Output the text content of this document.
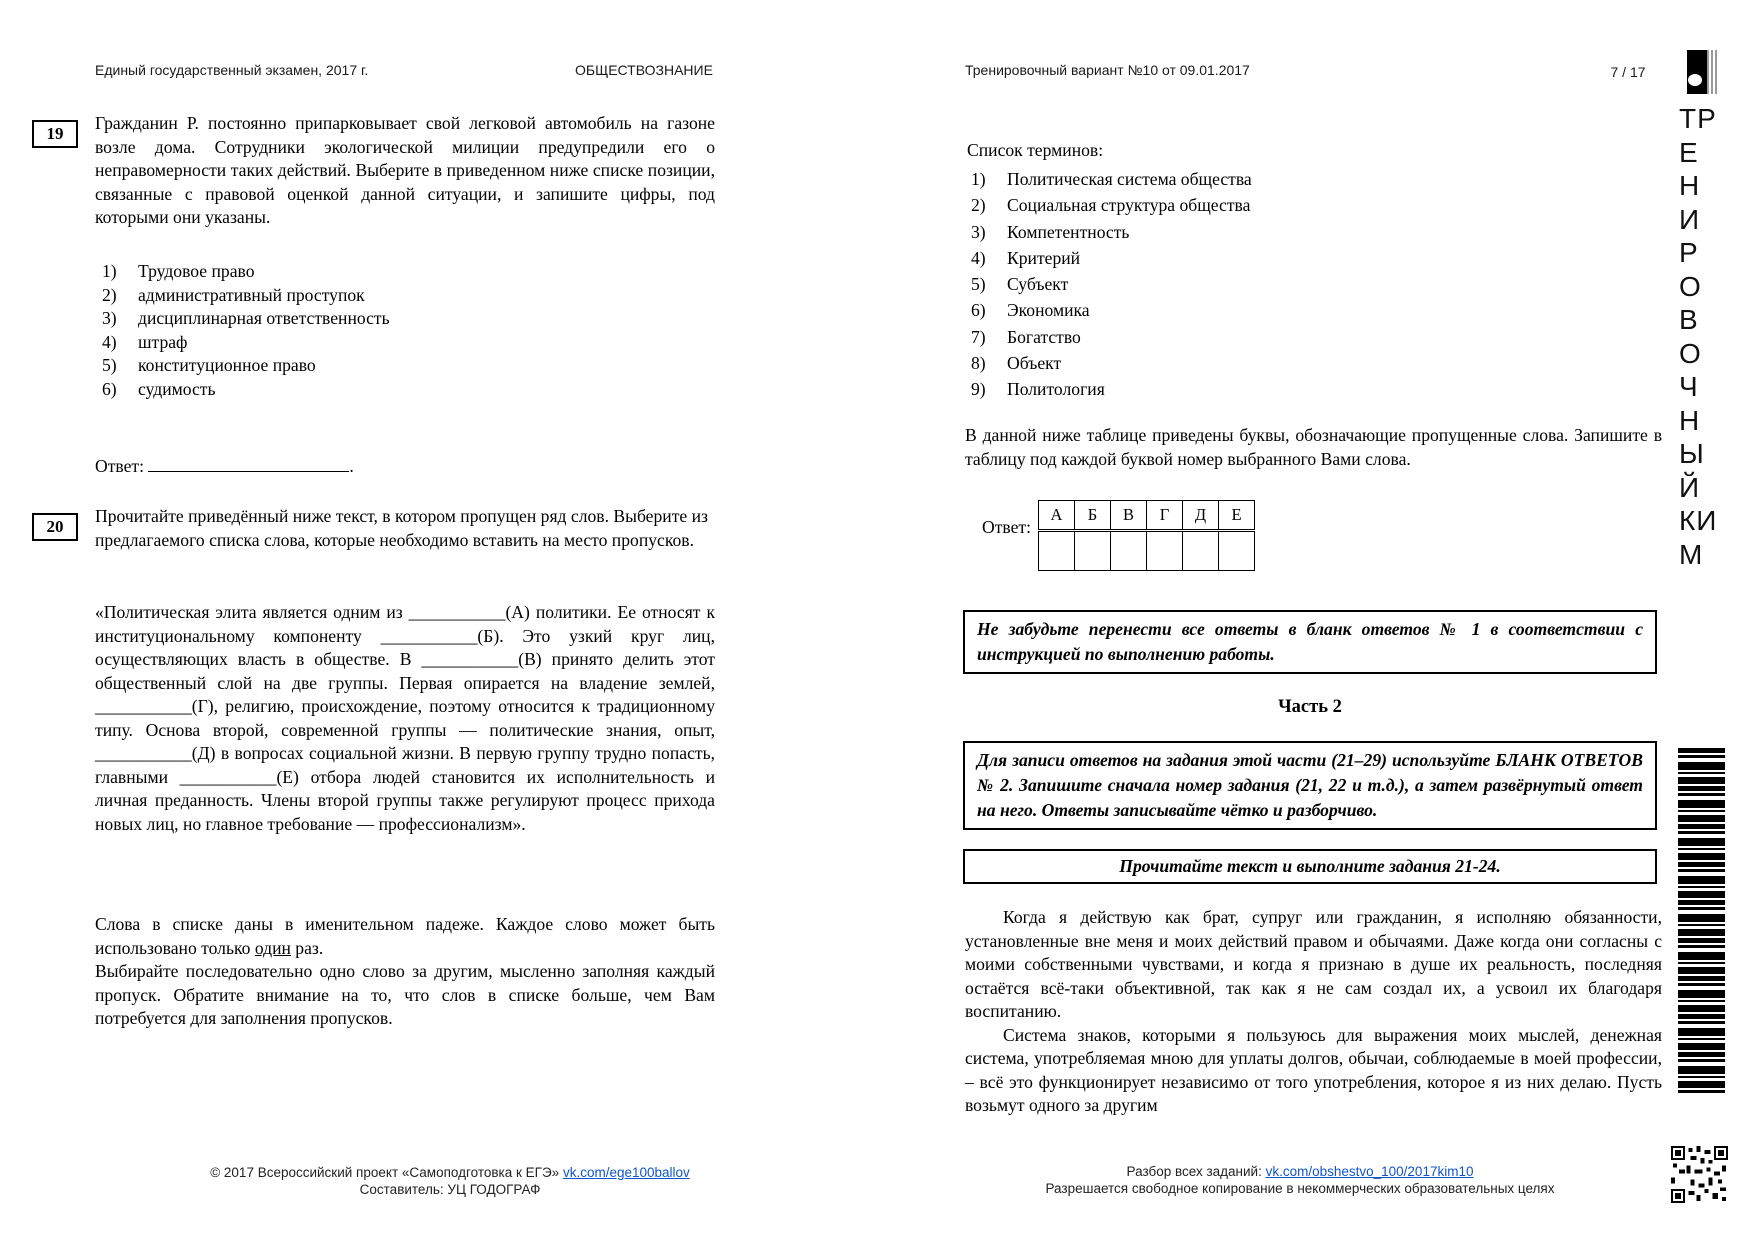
Единый государственный экзамен, 2017 г.	ОБЩЕСТВОЗНАНИЕ	Тренировочный вариант №10 от 09.01.2017	7 / 17
ТР
Е
Н
И
Р
О
В
О
Ч
Н
Ы
Й
КИ
М
19
Гражданин Р. постоянно припарковывает свой легковой автомобиль на газоне возле дома. Сотрудники экологической милиции предупредили его о неправомерности таких действий. Выберите в приведенном ниже списке позиции, связанные с правовой оценкой данной ситуации, и запишите цифры, под которыми они указаны.
1)	Трудовое право
2)	административный проступок
3)	дисциплинарная ответственность
4)	штраф
5)	конституционное право
6)	судимость
Ответ:	.
20
Прочитайте приведённый ниже текст, в котором пропущен ряд слов. Выберите из предлагаемого списка слова, которые необходимо вставить на место пропусков.
«Политическая элита является одним из ___________(А) политики. Ее относят к институциональному компоненту ___________(Б). Это узкий круг лиц, осуществляющих власть в обществе. В ___________(В) принято делить этот общественный слой на две группы. Первая опирается на владение землей, ___________(Г), религию, происхождение, поэтому относится к традиционному типу. Основа второй, современной группы — политические знания, опыт, ___________(Д) в вопросах социальной жизни. В первую группу трудно попасть, главными ___________(Е) отбора людей становится их исполнительность и личная преданность. Члены второй группы также регулируют процесс прихода новых лиц, но главное требование — профессионализм».
Слова в списке даны в именительном падеже. Каждое слово может быть использовано только один раз.
Выбирайте последовательно одно слово за другим, мысленно заполняя каждый пропуск. Обратите внимание на то, что слов в списке больше, чем Вам потребуется для заполнения пропусков.
Список терминов:
1)	Политическая система общества
2)	Социальная структура общества
3)	Компетентность
4)	Критерий
5)	Субъект
6)	Экономика
7)	Богатство
8)	Объект
9)	Политология
В данной ниже таблице приведены буквы, обозначающие пропущенные слова. Запишите в таблицу под каждой буквой номер выбранного Вами слова.
Ответ:
А	Б	В	Г	Д	Е

Не забудьте перенести все ответы в бланк ответов № 1 в соответствии с инструкцией по выполнению работы.
Часть 2
Для записи ответов на задания этой части (21–29) используйте БЛАНК ОТВЕТОВ № 2. Запишите сначала номер задания (21, 22 и т.д.), а затем развёрнутый ответ на него. Ответы записывайте чётко и разборчиво.
Прочитайте текст и выполните задания 21-24.

Когда я действую как брат, супруг или гражданин, я исполняю обязанности, установленные вне меня и моих действий правом и обычаями. Даже когда они согласны с моими собственными чувствами, и когда я признаю в душе их реальность, последняя остаётся всё-таки объективной, так как я не сам создал их, а усвоил их благодаря воспитанию.

Система знаков, которыми я пользуюсь для выражения моих мыслей, денежная система, употребляемая мною для уплаты долгов, обычаи, соблюдаемые в моей профессии, – всё это функционирует независимо от того употребления, которое я из них делаю. Пусть возьмут одного за другим

© 2017 Всероссийский проект «Самоподготовка к ЕГЭ» vk.com/ege100ballov
Составитель: УЦ ГОДОГРАФ
Разбор всех заданий: vk.com/obshestvo_100/2017kim10
Разрешается свободное копирование в некоммерческих образовательных целях
